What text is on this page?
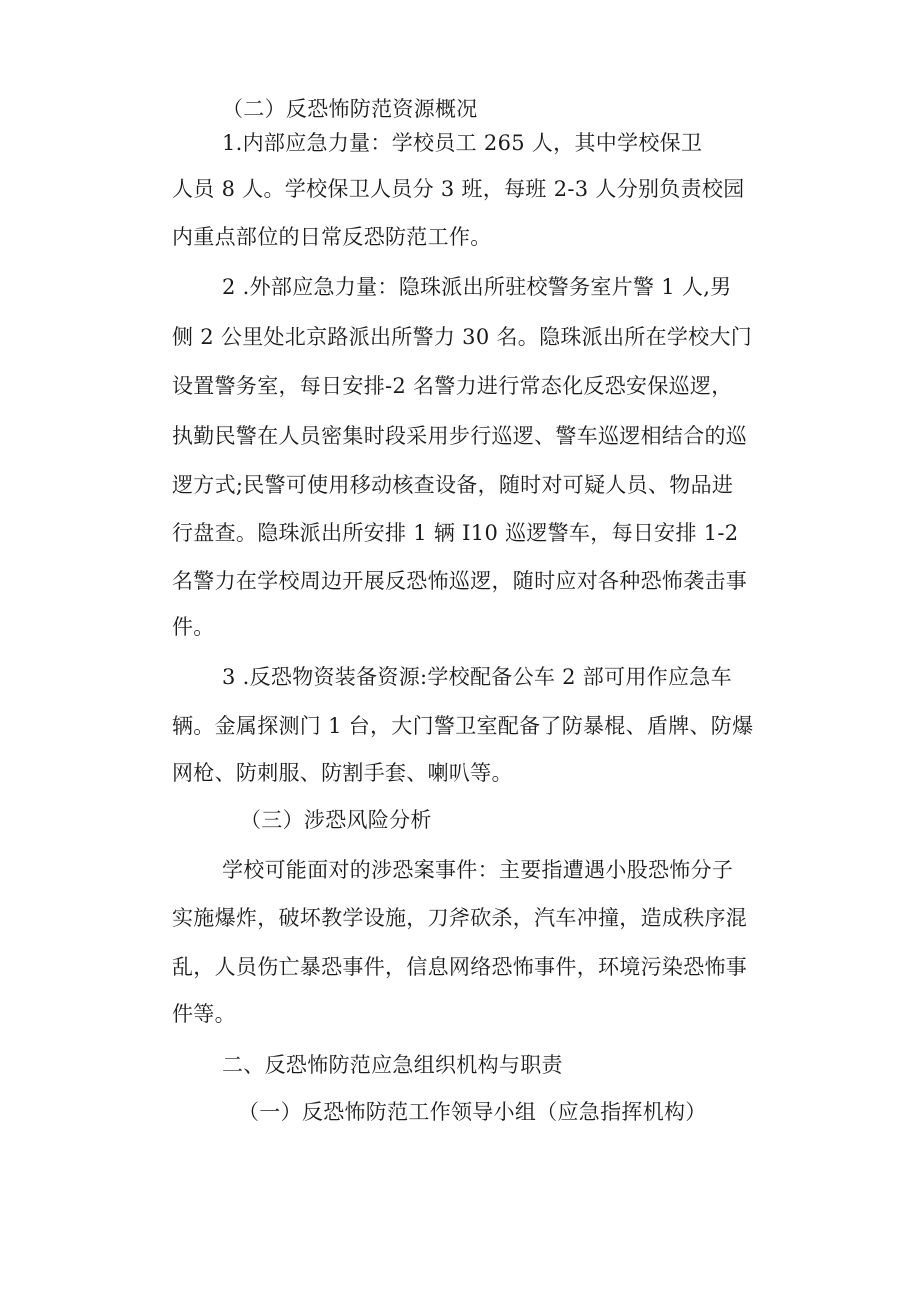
（二）反恐怖防范资源概况
1.内部应急力量：学校员工 265 人，其中学校保卫
人员 8 人。学校保卫人员分 3 班，每班 2-3 人分别负责校园
内重点部位的日常反恐防范工作。
2 .外部应急力量：隐珠派出所驻校警务室片警 1 人,男
侧 2 公里处北京路派出所警力 30 名。隐珠派出所在学校大门
设置警务室，每日安排-2 名警力进行常态化反恐安保巡逻，
执勤民警在人员密集时段采用步行巡逻、警车巡逻相结合的巡
逻方式;民警可使用移动核查设备，随时对可疑人员、物品进
行盘查。隐珠派出所安排 1 辆 I10 巡逻警车，每日安排 1-2
名警力在学校周边开展反恐怖巡逻，随时应对各种恐怖袭击事
件。
3 .反恐物资装备资源:学校配备公车 2 部可用作应急车
辆。金属探测门 1 台，大门警卫室配备了防暴棍、盾牌、防爆
网枪、防刺服、防割手套、喇叭等。
（三）涉恐风险分析
学校可能面对的涉恐案事件：主要指遭遇小股恐怖分子
实施爆炸，破坏教学设施，刀斧砍杀，汽车冲撞，造成秩序混
乱，人员伤亡暴恐事件，信息网络恐怖事件，环境污染恐怖事
件等。
二、反恐怖防范应急组织机构与职责
（一）反恐怖防范工作领导小组（应急指挥机构）
